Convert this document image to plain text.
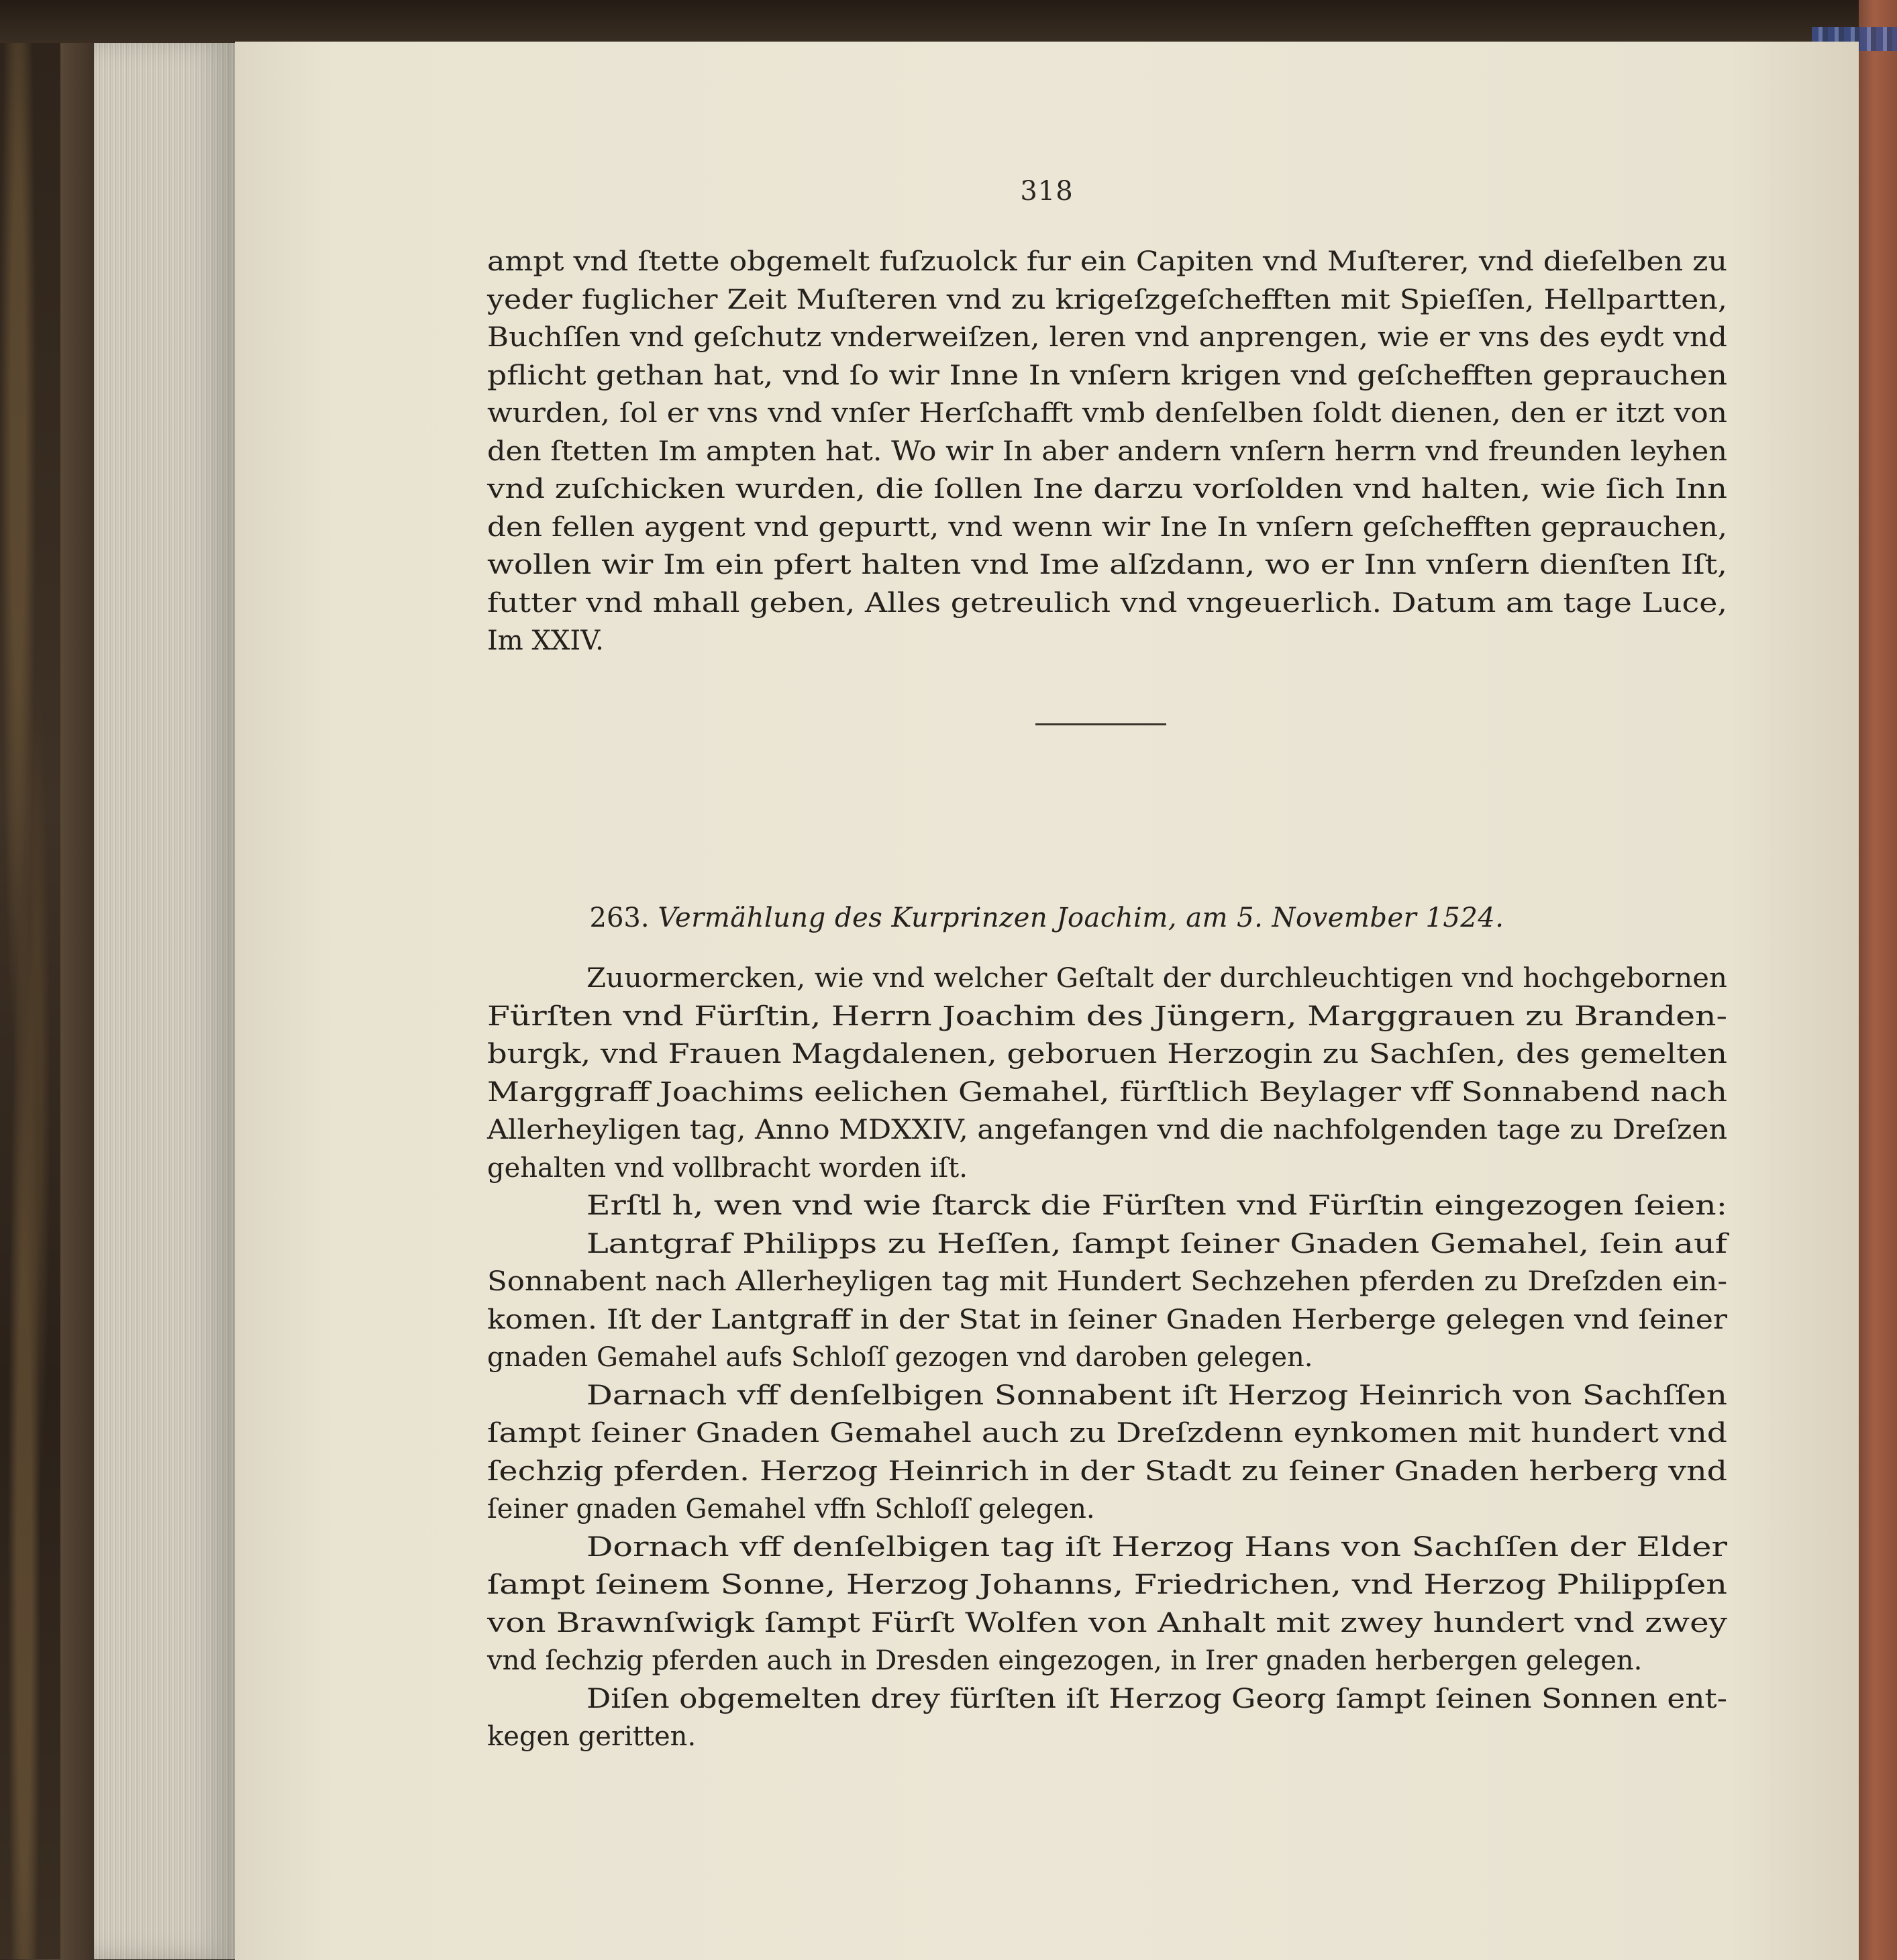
318
ampt vnd ſtette obgemelt fuſzuolck fur ein Capiten vnd Muſterer, vnd dieſelben zu
yeder fuglicher Zeit Muſteren vnd zu krigeſzgeſcheﬀten mit Spieſſen, Hellpartten,
Buchſſen vnd geſchutz vnderweiſzen, leren vnd anprengen, wie er vns des eydt vnd
pflicht gethan hat, vnd ſo wir Inne In vnſern krigen vnd geſcheﬀten geprauchen
wurden, ſol er vns vnd vnſer Herſchaﬀt vmb denſelben ſoldt dienen, den er itzt von
den ſtetten Im ampten hat. Wo wir In aber andern vnſern herrn vnd freunden leyhen
vnd zuſchicken wurden, die ſollen Ine darzu vorſolden vnd halten, wie ſich Inn
den fellen aygent vnd gepurtt, vnd wenn wir Ine In vnſern geſcheﬀten geprauchen,
wollen wir Im ein pfert halten vnd Ime alſzdann, wo er Inn vnſern dienſten Iſt,
futter vnd mhall geben, Alles getreulich vnd vngeuerlich. Datum am tage Luce,
Im XXIV.
263. Vermählung des Kurprinzen Joachim, am 5. November 1524.
Zuuormercken, wie vnd welcher Geſtalt der durchleuchtigen vnd hochgebornen
Fürſten vnd Fürſtin, Herrn Joachim des Jüngern, Marggrauen zu Branden-
burgk, vnd Frauen Magdalenen, geboruen Herzogin zu Sachſen, des gemelten
Marggraff Joachims eelichen Gemahel, fürſtlich Beylager vﬀ Sonnabend nach
Allerheyligen tag, Anno MDXXIV, angefangen vnd die nachfolgenden tage zu Dreſzen
gehalten vnd vollbracht worden iſt.
Erſtl h, wen vnd wie ſtarck die Fürſten vnd Fürſtin eingezogen ſeien:
Lantgraf Philipps zu Heſſen, ſampt ſeiner Gnaden Gemahel, ſein auf
Sonnabent nach Allerheyligen tag mit Hundert Sechzehen pferden zu Dreſzden ein-
komen. Iſt der Lantgraff in der Stat in ſeiner Gnaden Herberge gelegen vnd ſeiner
gnaden Gemahel aufs Schloſſ gezogen vnd daroben gelegen.
Darnach vﬀ denſelbigen Sonnabent iſt Herzog Heinrich von Sachſſen
ſampt ſeiner Gnaden Gemahel auch zu Dreſzdenn eynkomen mit hundert vnd
ſechzig pferden. Herzog Heinrich in der Stadt zu ſeiner Gnaden herberg vnd
ſeiner gnaden Gemahel vﬀn Schloſſ gelegen.
Dornach vﬀ denſelbigen tag iſt Herzog Hans von Sachſſen der Elder
ſampt ſeinem Sonne, Herzog Johanns, Friedrichen, vnd Herzog Philippſen
von Brawnſwigk ſampt Fürſt Wolfen von Anhalt mit zwey hundert vnd zwey
vnd ſechzig pferden auch in Dresden eingezogen, in Irer gnaden herbergen gelegen.
Diſen obgemelten drey fürſten iſt Herzog Georg ſampt ſeinen Sonnen ent-
kegen geritten.
